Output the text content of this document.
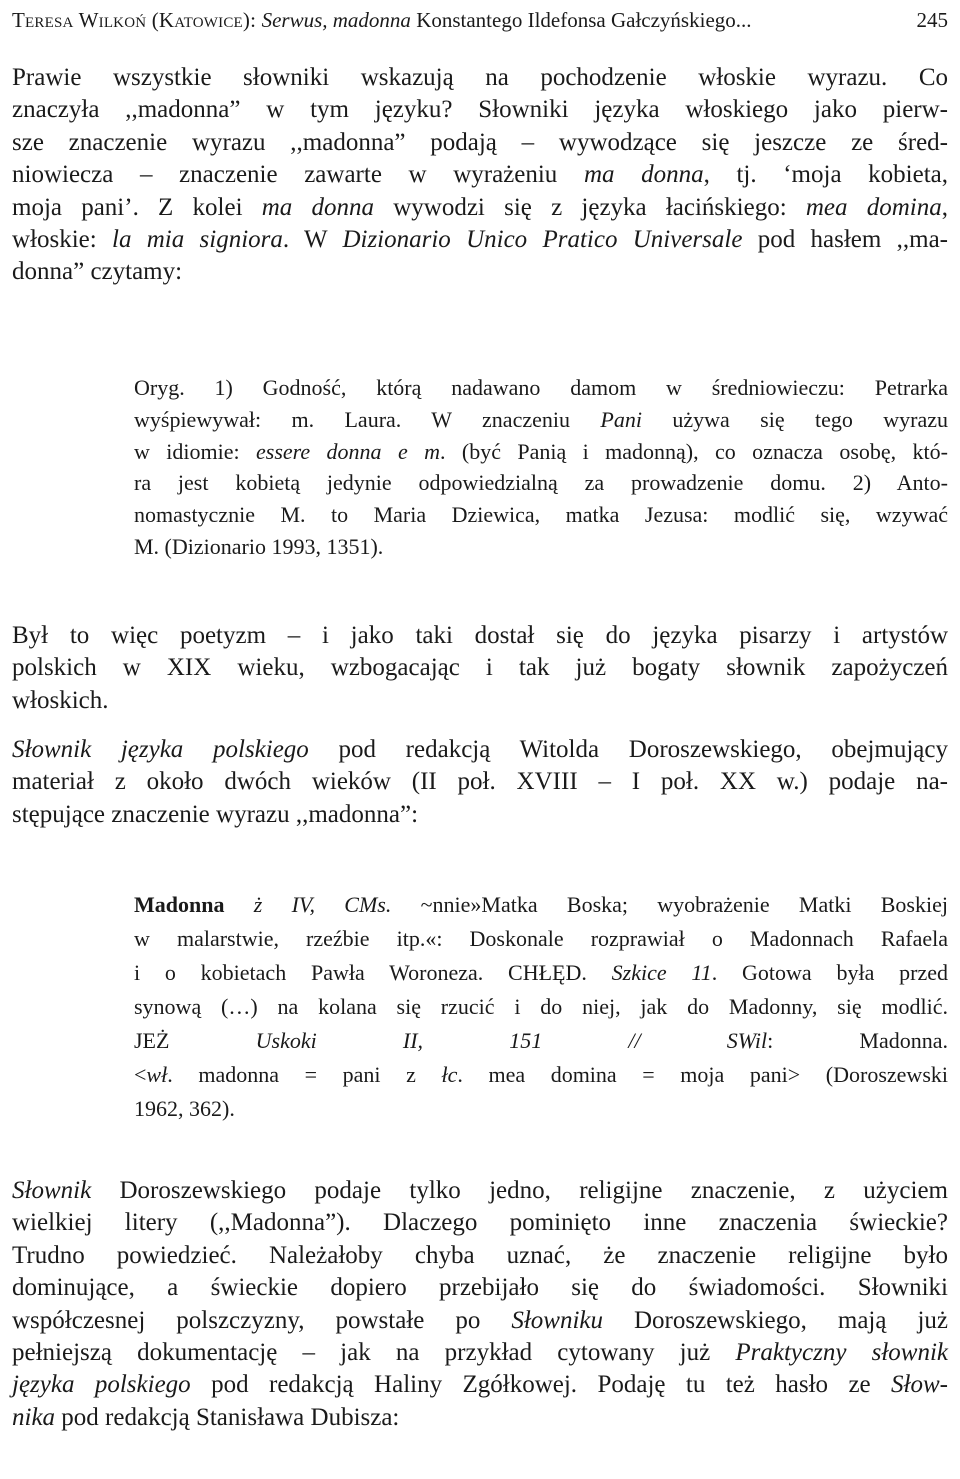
Teresa Wilkoń (Katowice): Serwus, madonna Konstantego Ildefonsa Gałczyńskiego...	245
Prawie wszystkie słowniki wskazują na pochodzenie włoskie wyrazu. Co
znaczyła ,,madonna” w tym języku? Słowniki języka włoskiego jako pierw-
sze znaczenie wyrazu ,,madonna” podają – wywodzące się jeszcze ze śred-
niowiecza – znaczenie zawarte w wyrażeniu ma donna, tj. ‘moja kobieta,
moja pani’. Z kolei ma donna wywodzi się z języka łacińskiego: mea domina,
włoskie: la mia signiora. W Dizionario Unico Pratico Universale pod hasłem ,,ma-
donna” czytamy:
Oryg. 1) Godność, którą nadawano damom w średniowieczu: Petrarka
wyśpiewywał: m. Laura. W znaczeniu Pani używa się tego wyrazu
w idiomie: essere donna e m. (być Panią i madonną), co oznacza osobę, któ-
ra jest kobietą jedynie odpowiedzialną za prowadzenie domu. 2) Anto-
nomastycznie M. to Maria Dziewica, matka Jezusa: modlić się, wzywać
M. (Dizionario 1993, 1351).
Był to więc poetyzm – i jako taki dostał się do języka pisarzy i artystów
polskich w XIX wieku, wzbogacając i tak już bogaty słownik zapożyczeń
włoskich.
Słownik języka polskiego pod redakcją Witolda Doroszewskiego, obejmujący
materiał z około dwóch wieków (II poł. XVIII – I poł. XX w.) podaje na-
stępujące znaczenie wyrazu ,,madonna”:
Madonna ż IV, CMs. ~nnie»Matka Boska; wyobrażenie Matki Boskiej
w malarstwie, rzeźbie itp.«: Doskonale rozprawiał o Madonnach Rafaela
i o kobietach Pawła Woroneza. CHŁĘD. Szkice 11. Gotowa była przed
synową (…) na kolana się rzucić i do niej, jak do Madonny, się modlić.
JEŻ Uskoki II, 151 // SWil: Madonna.
<wł. madonna = pani z łc. mea domina = moja pani> (Doroszewski
1962, 362).
Słownik Doroszewskiego podaje tylko jedno, religijne znaczenie, z użyciem
wielkiej litery (,,Madonna”). Dlaczego pominięto inne znaczenia świeckie?
Trudno powiedzieć. Należałoby chyba uznać, że znaczenie religijne było
dominujące, a świeckie dopiero przebijało się do świadomości. Słowniki
współczesnej polszczyzny, powstałe po Słowniku Doroszewskiego, mają już
pełniejszą dokumentację – jak na przykład cytowany już Praktyczny słownik
języka polskiego pod redakcją Haliny Zgółkowej. Podaję tu też hasło ze Słow-
nika pod redakcją Stanisława Dubisza:
